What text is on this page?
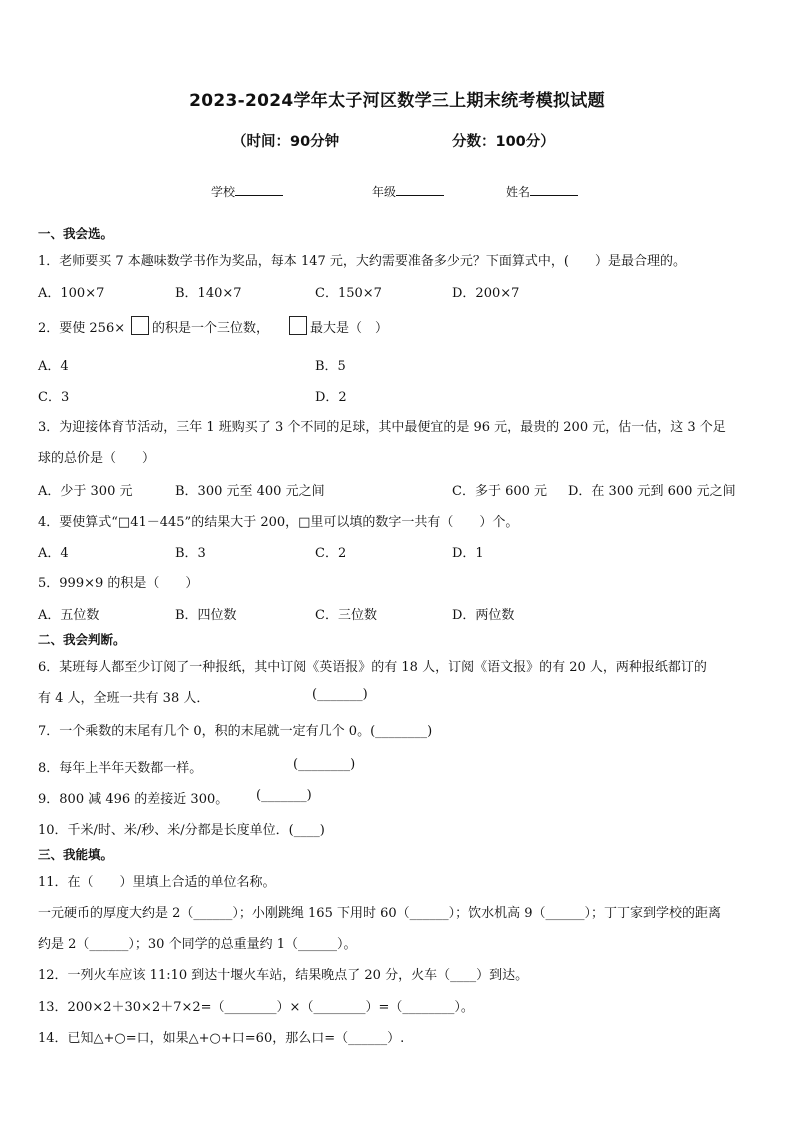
2023-2024学年太子河区数学三上期末统考模拟试题
（时间：90分钟	分数：100分）
学校	年级	姓名
一、我会选。
1．老师要买 7 本趣味数学书作为奖品，每本 147 元，大约需要准备多少元？下面算式中，(　　）是最合理的。
A．100×7	B．140×7	C．150×7	D．200×7
2．要使 256× 的积是一个三位数，	最大是（　）
A．4	B．5
C．3	D．2
3．为迎接体育节活动，三年 1 班购买了 3 个不同的足球，其中最便宜的是 96 元，最贵的 200 元，估一估，这 3 个足
球的总价是（　　）
A．少于 300 元	B．300 元至 400 元之间	C．多于 600 元 D．在 300 元到 600 元之间
4．要使算式“□41－445”的结果大于 200，□里可以填的数字一共有（　　）个。
A．4	B．3	C．2	D．1
5．999×9 的积是（　　）
A．五位数	B．四位数	C．三位数	D．两位数
二、我会判断。
6．某班每人都至少订阅了一种报纸，其中订阅《英语报》的有 18 人，订阅《语文报》的有 20 人，两种报纸都订的
有 4 人，全班一共有 38 人．	(_______)
7．一个乘数的末尾有几个 0，积的末尾就一定有几个 0。(________)
8．每年上半年天数都一样。	(________)
9．800 减 496 的差接近 300。 (_______)
10．千米/时、米/秒、米/分都是长度单位．(____)
三、我能填。
11．在（　　）里填上合适的单位名称。
一元硬币的厚度大约是 2（______）；小刚跳绳 165 下用时 60（______）；饮水机高 9（______）；丁丁家到学校的距离
约是 2（______）；30 个同学的总重量约 1（______）。
12．一列火车应该 11:10 到达十堰火车站，结果晚点了 20 分，火车（____）到达。
13．200×2＋30×2＋7×2=（________）×（________）=（________）。
14．已知△+○=口，如果△+○+口=60，那么口=（______）.
